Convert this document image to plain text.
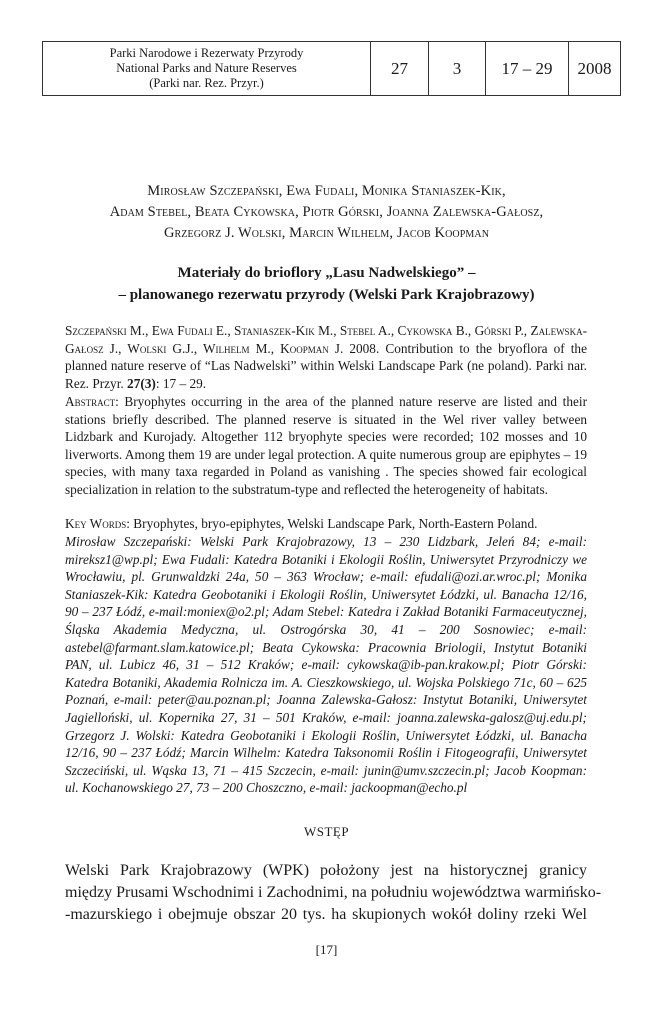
Parki Narodowe i Rezerwaty Przyrody
National Parks and Nature Reserves
(Parki nar. Rez. Przyr.)
	27	3	17 – 29	2008
Mirosław Szczepański, Ewa Fudali, Monika Staniaszek-Kik,
Adam Stebel, Beata Cykowska, Piotr Górski, Joanna Zalewska-Gałosz,
Grzegorz J. Wolski, Marcin Wilhelm, Jacob Koopman
Materiały do brioflory „Lasu Nadwelskiego” –
– planowanego rezerwatu przyrody (Welski Park Krajobrazowy)
Szczepański M., Ewa Fudali E., Staniaszek-Kik M., Stebel A., Cykowska B., Górski P., Zalewska-Gałosz J., Wolski G.J., Wilhelm M., Koopman J. 2008. Contribution to the bryoflora of the planned nature reserve of “Las Nadwelski” within Welski Landscape Park (ne poland). Parki nar. Rez. Przyr. 27(3): 17 – 29.
Abstract: Bryophytes occurring in the area of the planned nature reserve are listed and their stations briefly described. The planned reserve is situated in the Wel river valley between Lidzbark and Kurojady. Altogether 112 bryophyte species were recorded; 102 mosses and 10 liverworts. Among them 19 are under legal protection. A quite numerous group are epiphytes – 19 species, with many taxa regarded in Poland as vanishing . The species showed fair ecological specialization in relation to the substratum-type and reflected the heterogeneity of habitats.
Key Words: Bryophytes, bryo-epiphytes, Welski Landscape Park, North-Eastern Poland.
Mirosław Szczepański: Welski Park Krajobrazowy, 13 – 230 Lidzbark, Jeleń 84; e-mail: mireksz1@wp.pl; Ewa Fudali: Katedra Botaniki i Ekologii Roślin, Uniwersytet Przyrodniczy we Wrocławiu, pl. Grunwaldzki 24a, 50 – 363 Wrocław; e-mail: efudali@ozi.ar.wroc.pl; Monika Staniaszek-Kik: Katedra Geobotaniki i Ekologii Roślin, Uniwersytet Łódzki, ul. Banacha 12/16, 90 – 237 Łódź, e-mail:moniex@o2.pl; Adam Stebel: Katedra i Zakład Botaniki Farmaceutycznej, Śląska Akademia Medyczna, ul. Ostrogórska 30, 41 – 200 Sosnowiec; e-mail: astebel@farmant.slam.katowice.pl; Beata Cykowska: Pracownia Briologii, Instytut Botaniki PAN, ul. Lubicz 46, 31 – 512 Kraków; e-mail: cykowska@ib-pan.krakow.pl; Piotr Górski: Katedra Botaniki, Akademia Rolnicza im. A. Cieszkowskiego, ul. Wojska Polskiego 71c, 60 – 625 Poznań, e-mail: peter@au.poznan.pl; Joanna Zalewska-Gałosz: Instytut Botaniki, Uniwersytet Jagielloński, ul. Kopernika 27, 31 – 501 Kraków, e-mail: joanna.zalewska-galosz@uj.edu.pl; Grzegorz J. Wolski: Katedra Geobotaniki i Ekologii Roślin, Uniwersytet Łódzki, ul. Banacha 12/16, 90 – 237 Łódź; Marcin Wilhelm: Katedra Taksonomii Roślin i Fitogeografii, Uniwersytet Szczeciński, ul. Wąska 13, 71 – 415 Szczecin, e-mail: junin@umv.szczecin.pl; Jacob Koopman: ul. Kochanowskiego 27, 73 – 200 Choszczno, e-mail: jackoopman@echo.pl
WSTĘP
Welski Park Krajobrazowy (WPK) położony jest na historycznej granicy
między Prusami Wschodnimi i Zachodnimi, na południu województwa warmińsko-
-mazurskiego i obejmuje obszar 20 tys. ha skupionych wokół doliny rzeki Wel
[17]
